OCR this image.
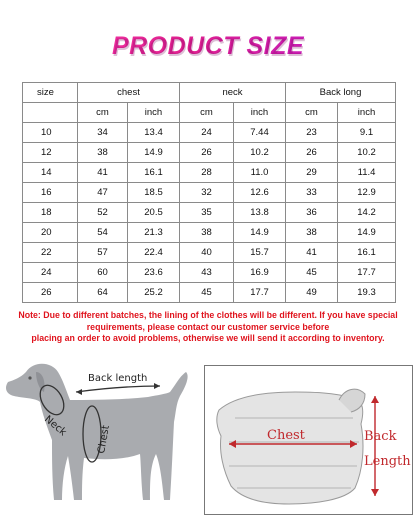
PRODUCT SIZE
size	chest		neck		Back long	
	cm	inch	cm	inch	cm	inch
10	34	13.4	24	7.44	23	9.1
12	38	14.9	26	10.2	26	10.2
14	41	16.1	28	11.0	29	11.4
16	47	18.5	32	12.6	33	12.9
18	52	20.5	35	13.8	36	14.2
20	54	21.3	38	14.9	38	14.9
22	57	22.4	40	15.7	41	16.1
24	60	23.6	43	16.9	45	17.7
26	64	25.2	45	17.7	49	19.3
Note: Due to different batches, the lining of the clothes will be different. If you have special
requirements, please contact our customer service before
placing an order to avoid problems, otherwise we will send it according to inventory.
Back length
Neck	Chest	Chest	Back
Length
